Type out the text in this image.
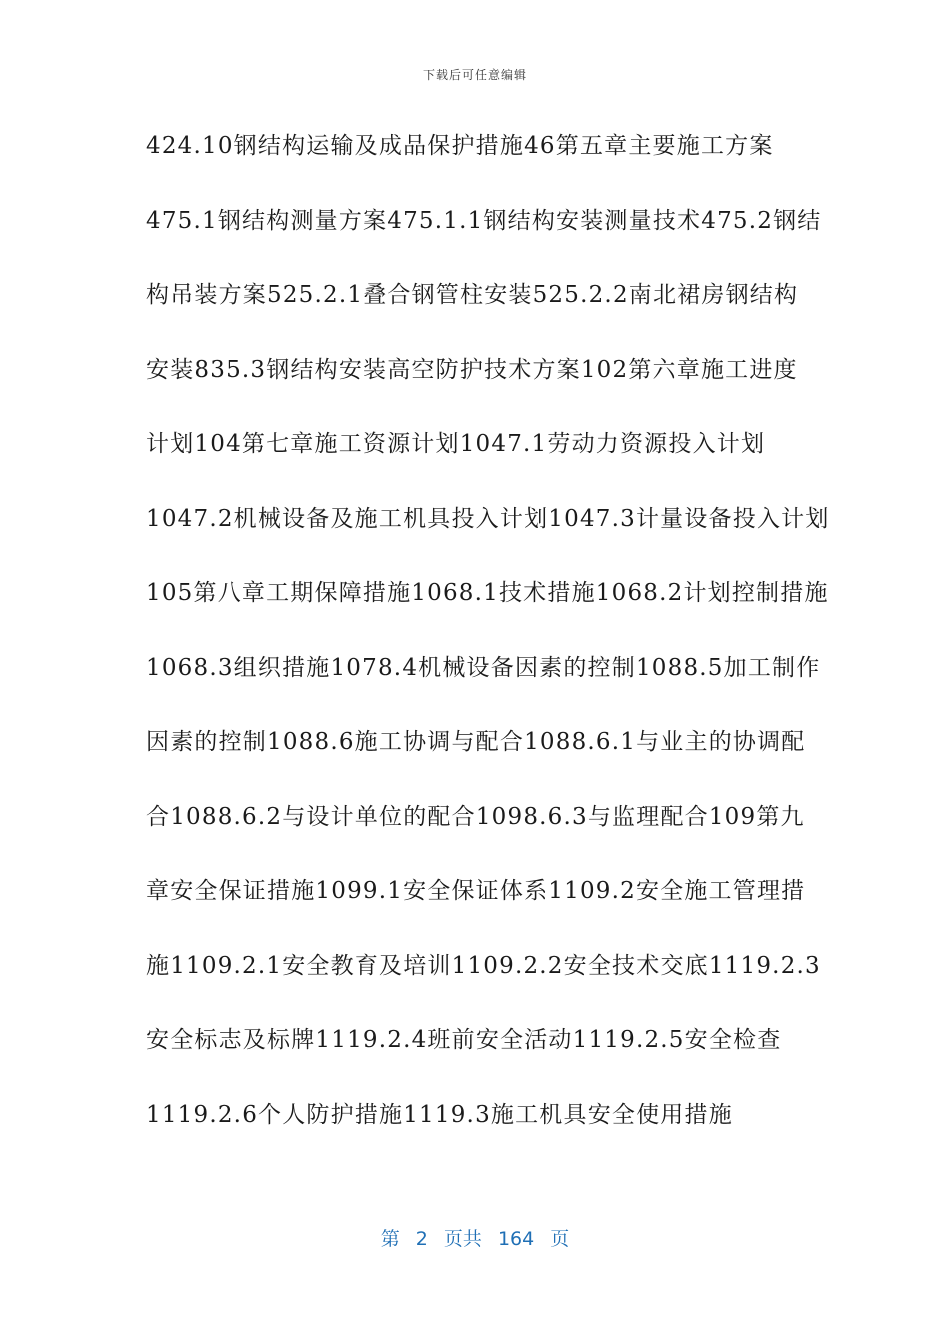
下载后可任意编辑
424.10钢结构运输及成品保护措施46第五章主要施工方案
475.1钢结构测量方案475.1.1钢结构安装测量技术475.2钢结
构吊装方案525.2.1叠合钢管柱安装525.2.2南北裙房钢结构
安装835.3钢结构安装高空防护技术方案102第六章施工进度
计划104第七章施工资源计划1047.1劳动力资源投入计划
1047.2机械设备及施工机具投入计划1047.3计量设备投入计划
105第八章工期保障措施1068.1技术措施1068.2计划控制措施
1068.3组织措施1078.4机械设备因素的控制1088.5加工制作
因素的控制1088.6施工协调与配合1088.6.1与业主的协调配
合1088.6.2与设计单位的配合1098.6.3与监理配合109第九
章安全保证措施1099.1安全保证体系1109.2安全施工管理措
施1109.2.1安全教育及培训1109.2.2安全技术交底1119.2.3
安全标志及标牌1119.2.4班前安全活动1119.2.5安全检查
1119.2.6个人防护措施1119.3施工机具安全使用措施
第 2 页共 164 页
